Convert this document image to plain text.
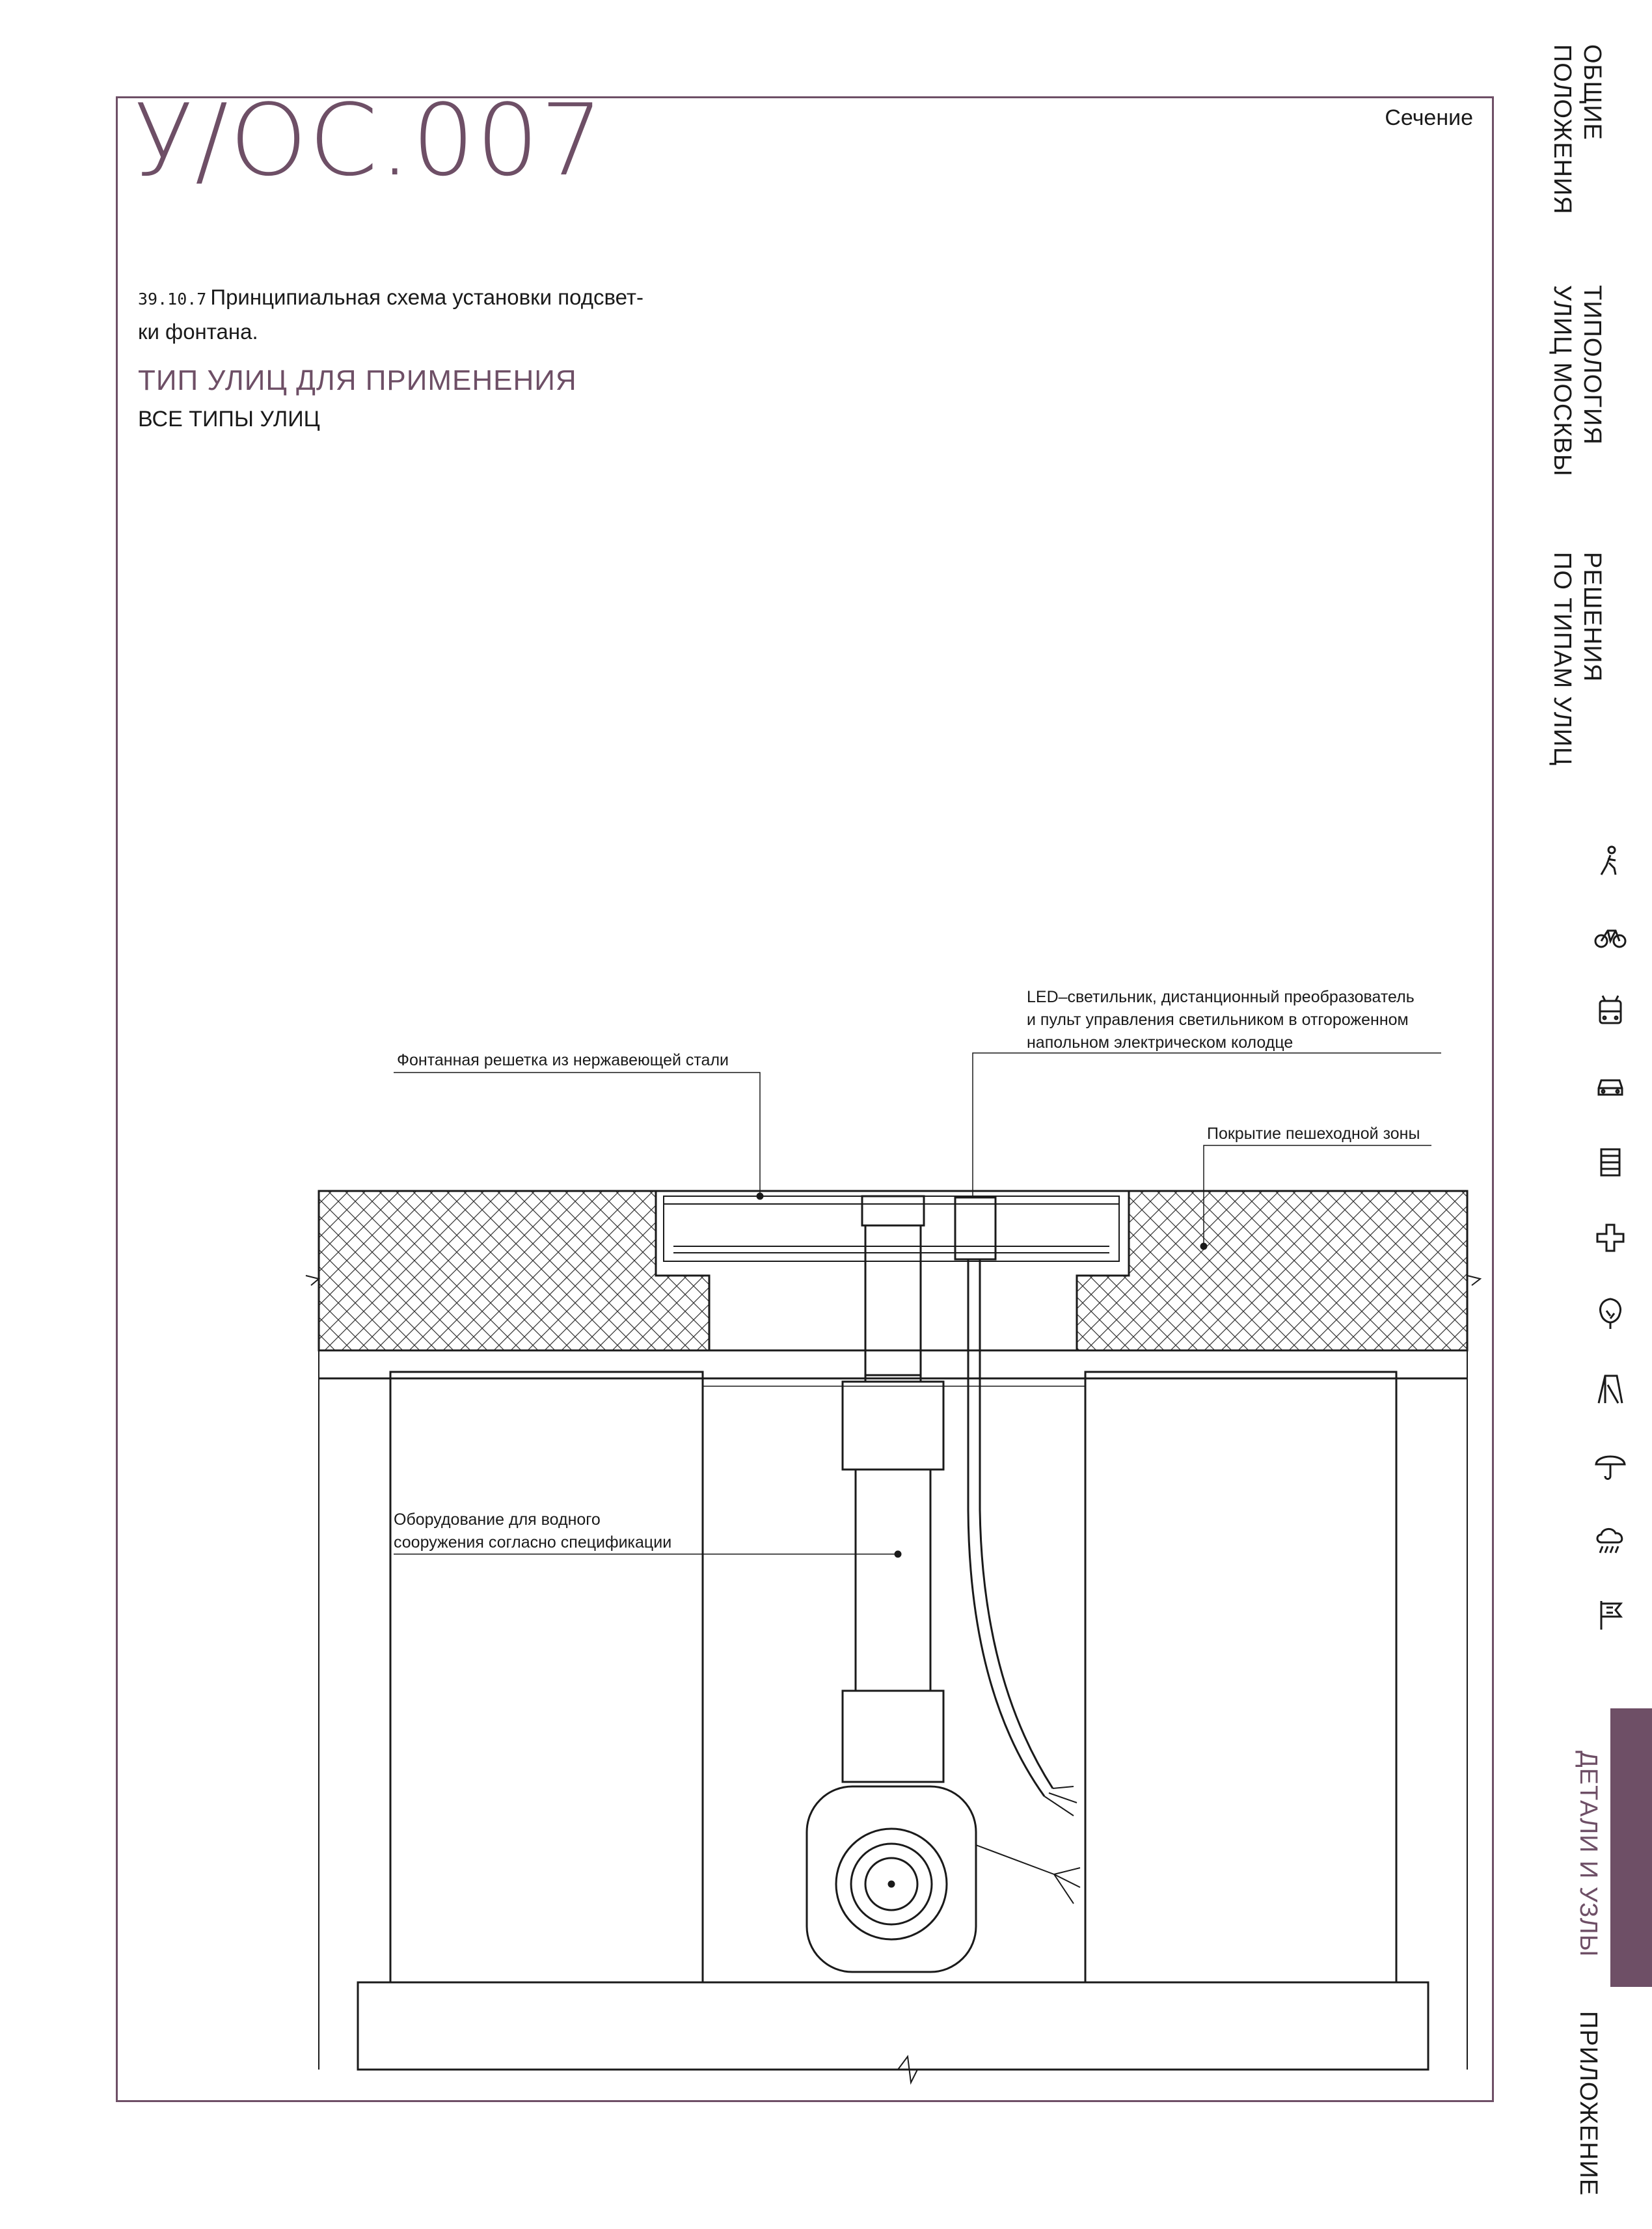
У/ОС.007	Сечение
39.10.7 Принципиальная схема установки подсвет-
ки фонтана.
ТИП УЛИЦ ДЛЯ ПРИМЕНЕНИЯ
ВСЕ ТИПЫ УЛИЦ
Фонтанная решетка из нержавеющей стали
LED–светильник, дистанционный преобразователь
и пульт управления светильником в отгороженном
напольном электрическом колодце
Покрытие пешеходной зоны
Оборудование для водного
сооружения согласно спецификации
ОБЩИЕ
ПОЛОЖЕНИЯ
ТИПОЛОГИЯ
УЛИЦ МОСКВЫ
РЕШЕНИЯ
ПО ТИПАМ УЛИЦ
ДЕТАЛИ И УЗЛЫ
ПРИЛОЖЕНИЕ
